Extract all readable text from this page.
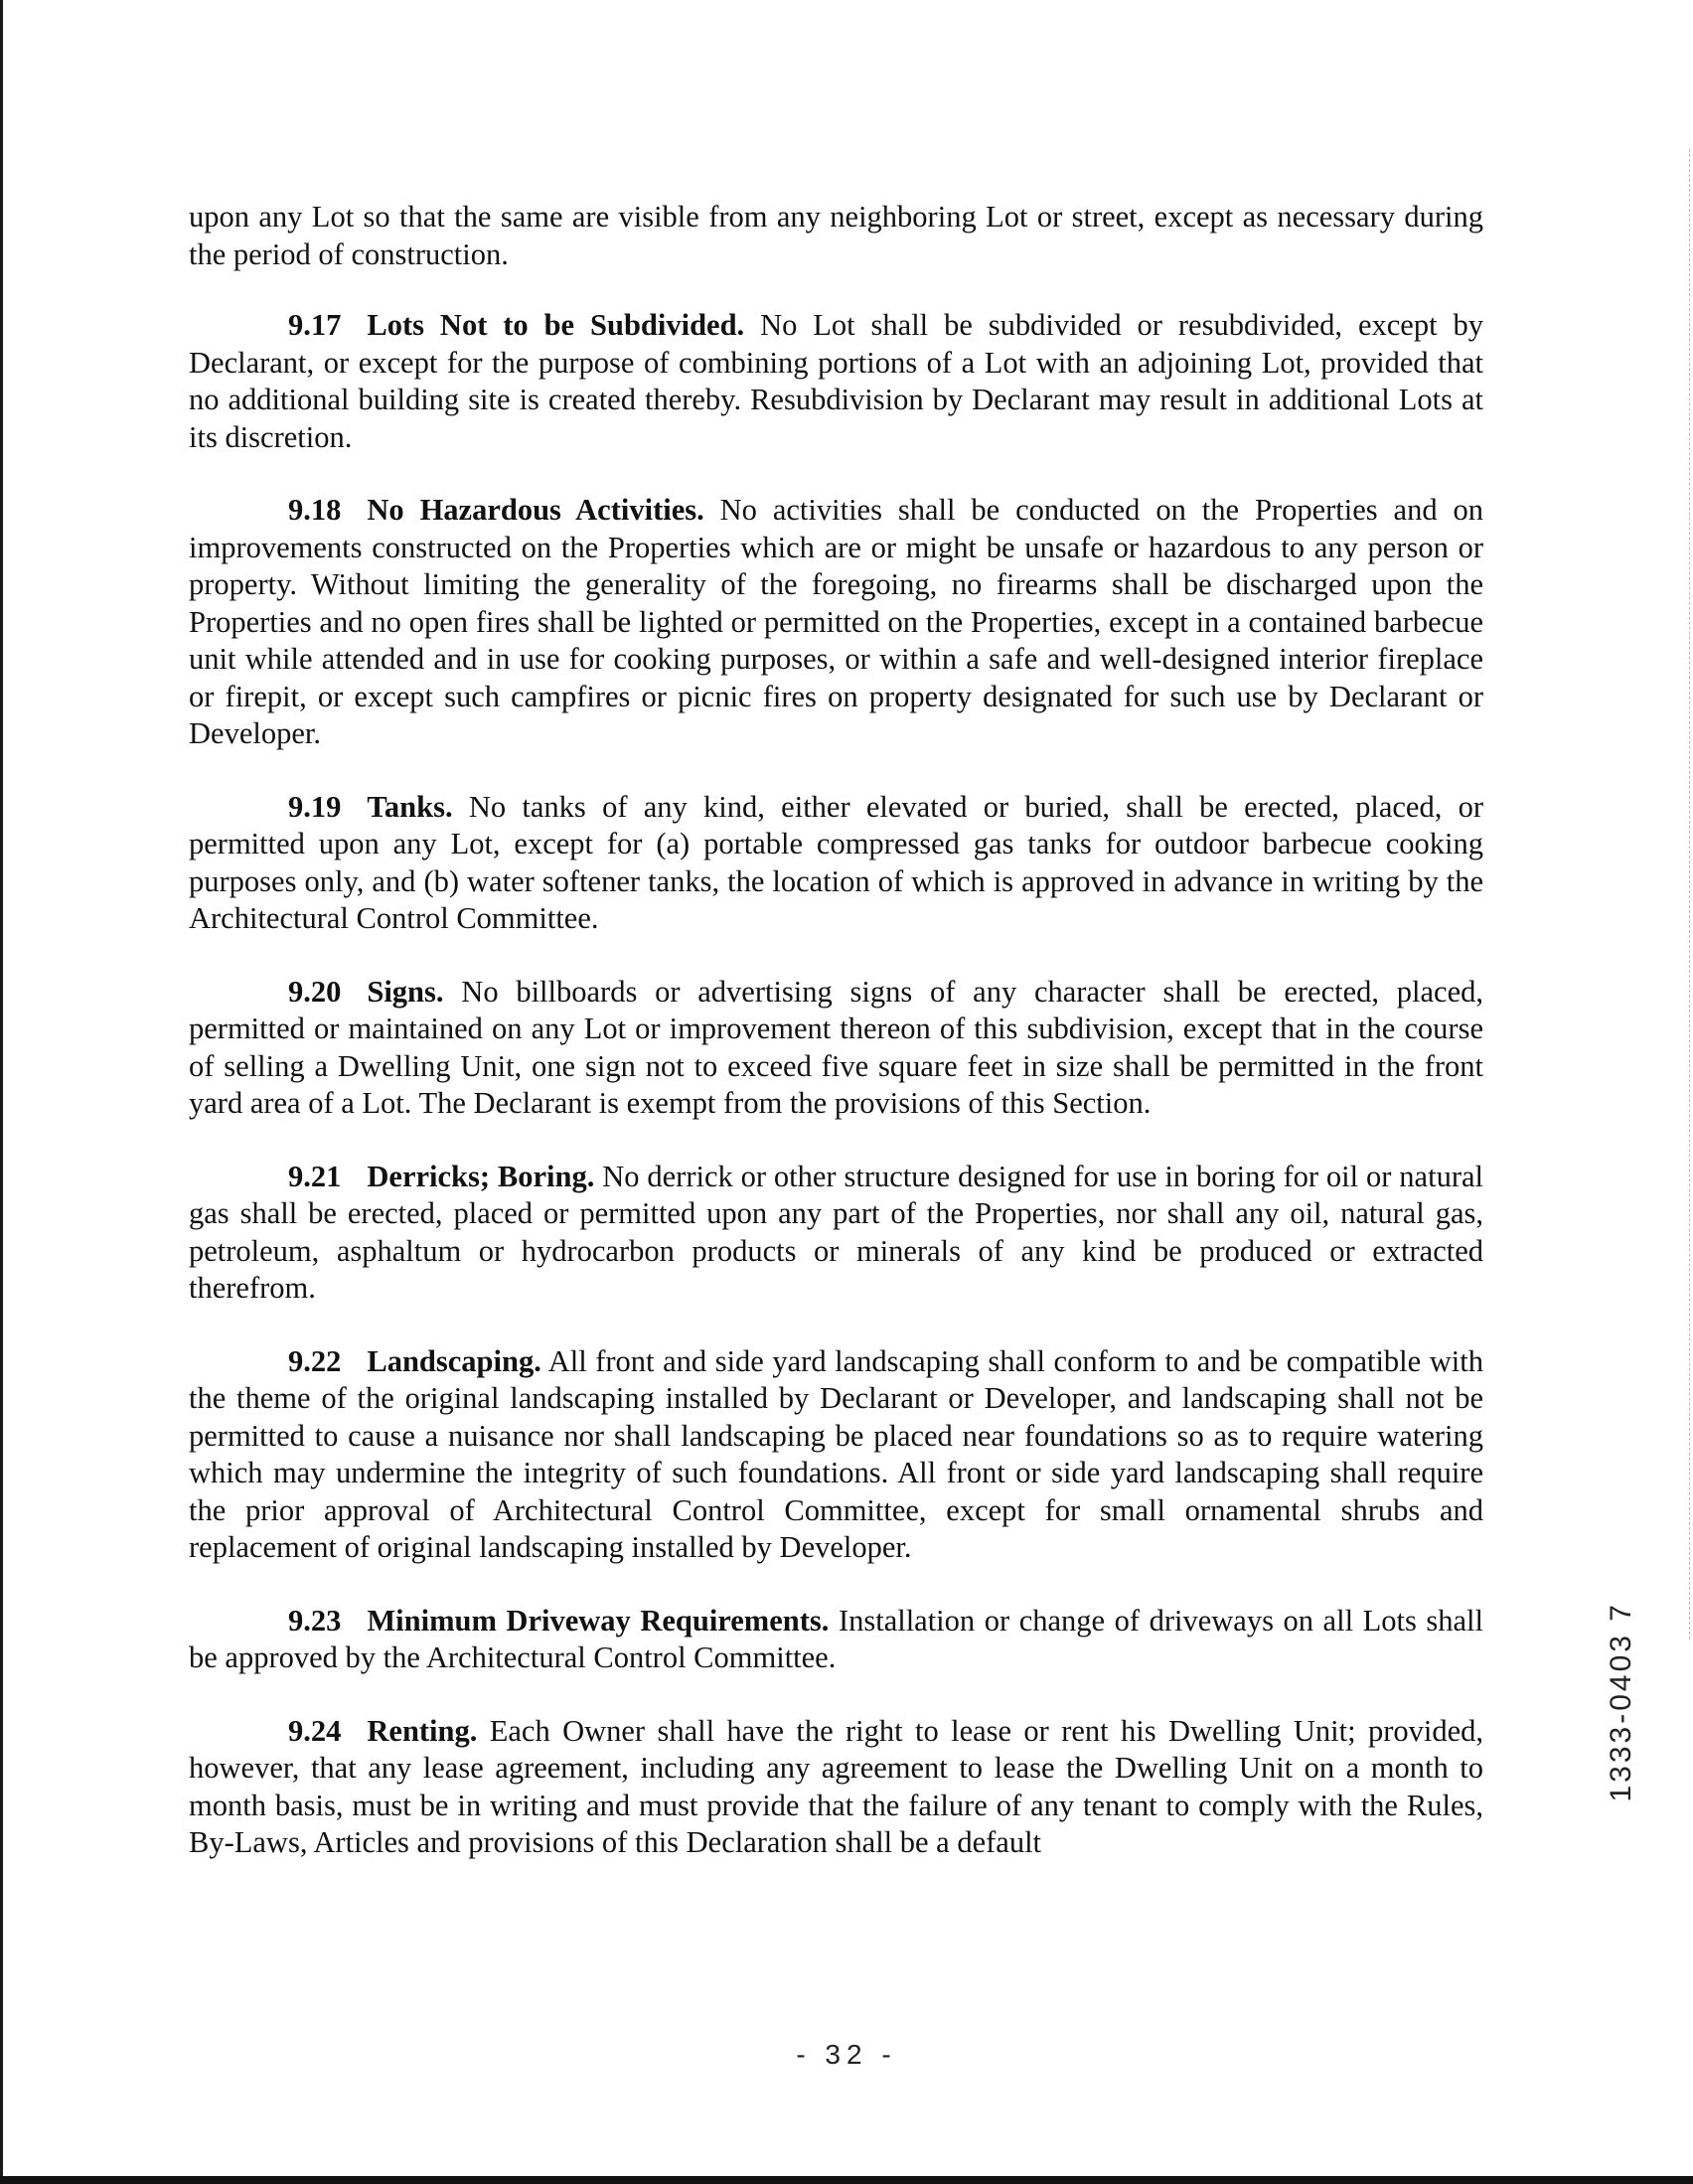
upon any Lot so that the same are visible from any neighboring Lot or street, except as necessary during the period of construction.

9.17 Lots Not to be Subdivided. No Lot shall be subdivided or resubdivided, except by Declarant, or except for the purpose of combining portions of a Lot with an adjoining Lot, provided that no additional building site is created thereby. Resubdivision by Declarant may result in additional Lots at its discretion.

9.18 No Hazardous Activities. No activities shall be conducted on the Properties and on improvements constructed on the Properties which are or might be unsafe or hazardous to any person or property. Without limiting the generality of the foregoing, no firearms shall be discharged upon the Properties and no open fires shall be lighted or permitted on the Properties, except in a contained barbecue unit while attended and in use for cooking purposes, or within a safe and well-designed interior fireplace or firepit, or except such campfires or picnic fires on property designated for such use by Declarant or Developer.

9.19 Tanks. No tanks of any kind, either elevated or buried, shall be erected, placed, or permitted upon any Lot, except for (a) portable compressed gas tanks for outdoor barbecue cooking purposes only, and (b) water softener tanks, the location of which is approved in advance in writing by the Architectural Control Committee.

9.20 Signs. No billboards or advertising signs of any character shall be erected, placed, permitted or maintained on any Lot or improvement thereon of this subdivision, except that in the course of selling a Dwelling Unit, one sign not to exceed five square feet in size shall be permitted in the front yard area of a Lot. The Declarant is exempt from the provisions of this Section.

9.21 Derricks; Boring. No derrick or other structure designed for use in boring for oil or natural gas shall be erected, placed or permitted upon any part of the Properties, nor shall any oil, natural gas, petroleum, asphaltum or hydrocarbon products or minerals of any kind be produced or extracted therefrom.

9.22 Landscaping. All front and side yard landscaping shall conform to and be compatible with the theme of the original landscaping installed by Declarant or Developer, and landscaping shall not be permitted to cause a nuisance nor shall landscaping be placed near foundations so as to require watering which may undermine the integrity of such foundations. All front or side yard landscaping shall require the prior approval of Architectural Control Committee, except for small ornamental shrubs and replacement of original landscaping installed by Developer.

9.23 Minimum Driveway Requirements. Installation or change of driveways on all Lots shall be approved by the Architectural Control Committee.

9.24 Renting. Each Owner shall have the right to lease or rent his Dwelling Unit; provided, however, that any lease agreement, including any agreement to lease the Dwelling Unit on a month to month basis, must be in writing and must provide that the failure of any tenant to comply with the Rules, By-Laws, Articles and provisions of this Declaration shall be a default

- 32 -
1333-0403 7
